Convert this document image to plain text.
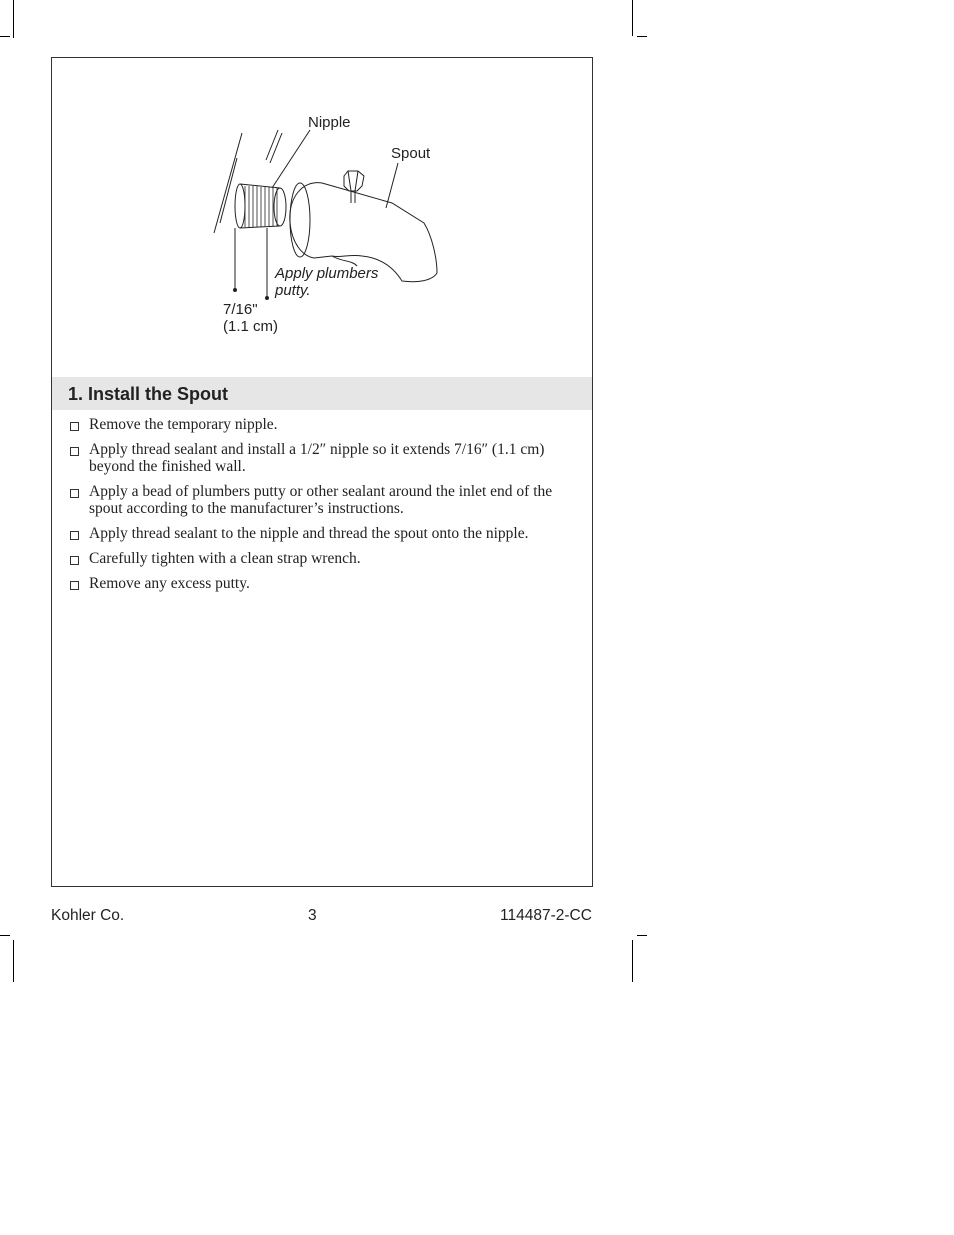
Nipple
Spout
Apply plumbers
putty.
7/16"
(1.1 cm)
1. Install the Spout
Remove the temporary nipple.
Apply thread sealant and install a 1/2″ nipple so it extends 7/16″ (1.1 cm) beyond the finished wall.
Apply a bead of plumbers putty or other sealant around the inlet end of the spout according to the manufacturer’s instructions.
Apply thread sealant to the nipple and thread the spout onto the nipple.
Carefully tighten with a clean strap wrench.
Remove any excess putty.
Kohler Co.	3	114487-2-CC
